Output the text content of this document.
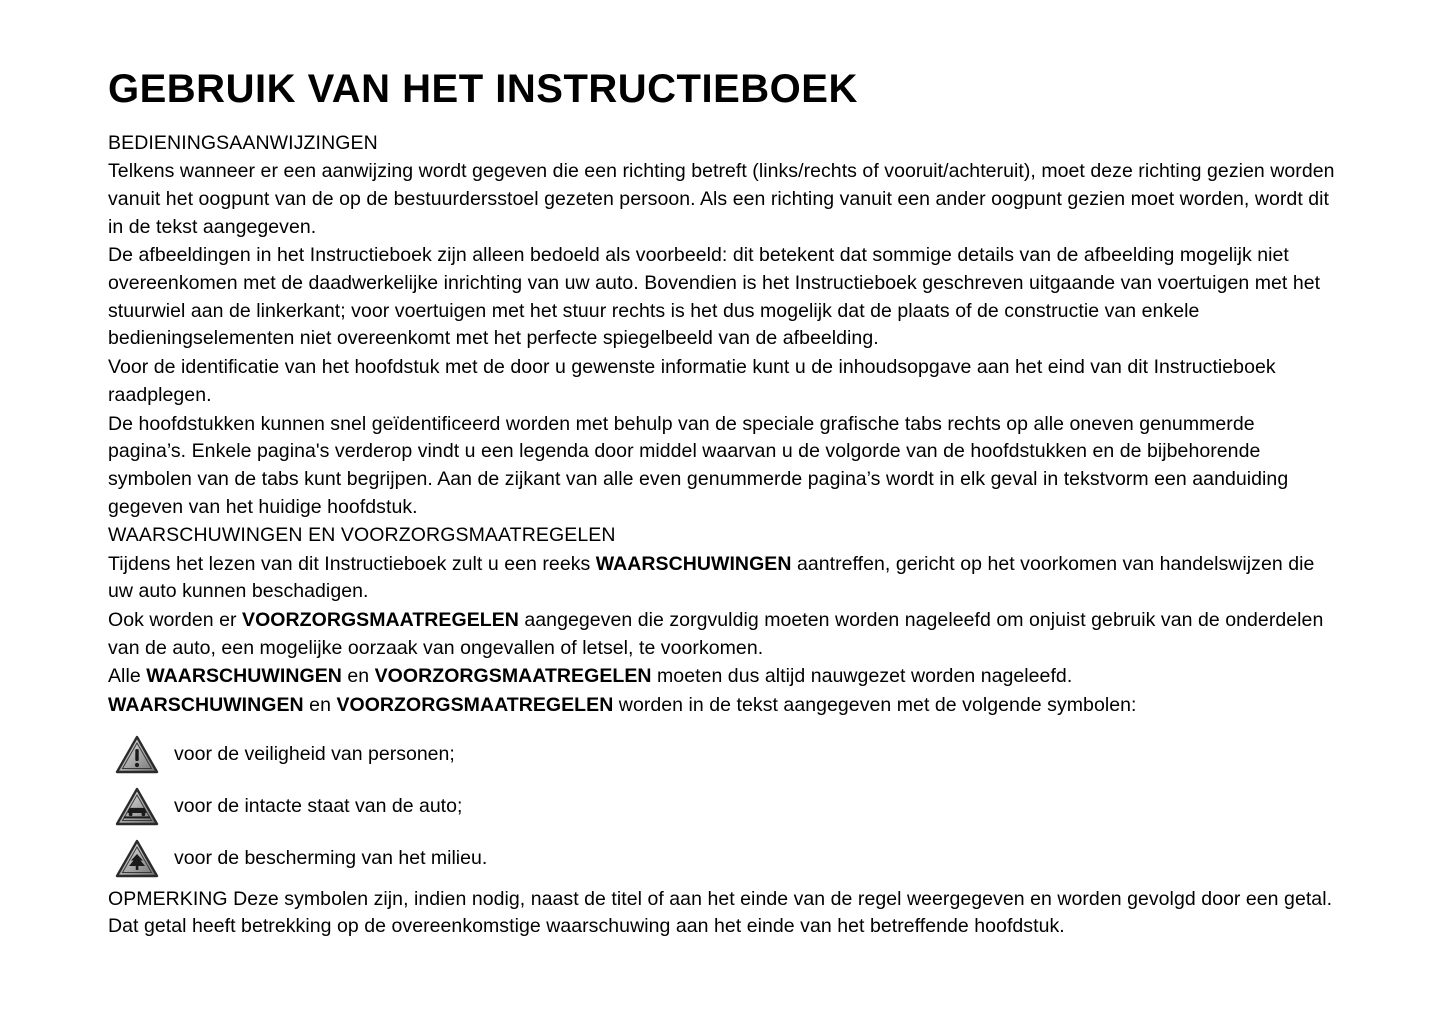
GEBRUIK VAN HET INSTRUCTIEBOEK
BEDIENINGSAANWIJZINGEN

Telkens wanneer er een aanwijzing wordt gegeven die een richting betreft (links/rechts of vooruit/achteruit), moet deze richting gezien worden vanuit het oogpunt van de op de bestuurdersstoel gezeten persoon. Als een richting vanuit een ander oogpunt gezien moet worden, wordt dit in de tekst aangegeven.

De afbeeldingen in het Instructieboek zijn alleen bedoeld als voorbeeld: dit betekent dat sommige details van de afbeelding mogelijk niet overeenkomen met de daadwerkelijke inrichting van uw auto. Bovendien is het Instructieboek geschreven uitgaande van voertuigen met het stuurwiel aan de linkerkant; voor voertuigen met het stuur rechts is het dus mogelijk dat de plaats of de constructie van enkele bedieningselementen niet overeenkomt met het perfecte spiegelbeeld van de afbeelding.

Voor de identificatie van het hoofdstuk met de door u gewenste informatie kunt u de inhoudsopgave aan het eind van dit Instructieboek raadplegen.

De hoofdstukken kunnen snel geïdentificeerd worden met behulp van de speciale grafische tabs rechts op alle oneven genummerde pagina’s. Enkele pagina's verderop vindt u een legenda door middel waarvan u de volgorde van de hoofdstukken en de bijbehorende symbolen van de tabs kunt begrijpen. Aan de zijkant van alle even genummerde pagina’s wordt in elk geval in tekstvorm een aanduiding gegeven van het huidige hoofdstuk.

WAARSCHUWINGEN EN VOORZORGSMAATREGELEN

Tijdens het lezen van dit Instructieboek zult u een reeks WAARSCHUWINGEN aantreffen, gericht op het voorkomen van handelswijzen die uw auto kunnen beschadigen.

Ook worden er VOORZORGSMAATREGELEN aangegeven die zorgvuldig moeten worden nageleefd om onjuist gebruik van de onderdelen van de auto, een mogelijke oorzaak van ongevallen of letsel, te voorkomen.

Alle WAARSCHUWINGEN en VOORZORGSMAATREGELEN moeten dus altijd nauwgezet worden nageleefd.

WAARSCHUWINGEN en VOORZORGSMAATREGELEN worden in de tekst aangegeven met de volgende symbolen:

voor de veiligheid van personen;
voor de intacte staat van de auto;
voor de bescherming van het milieu.

OPMERKING Deze symbolen zijn, indien nodig, naast de titel of aan het einde van de regel weergegeven en worden gevolgd door een getal. Dat getal heeft betrekking op de overeenkomstige waarschuwing aan het einde van het betreffende hoofdstuk.
